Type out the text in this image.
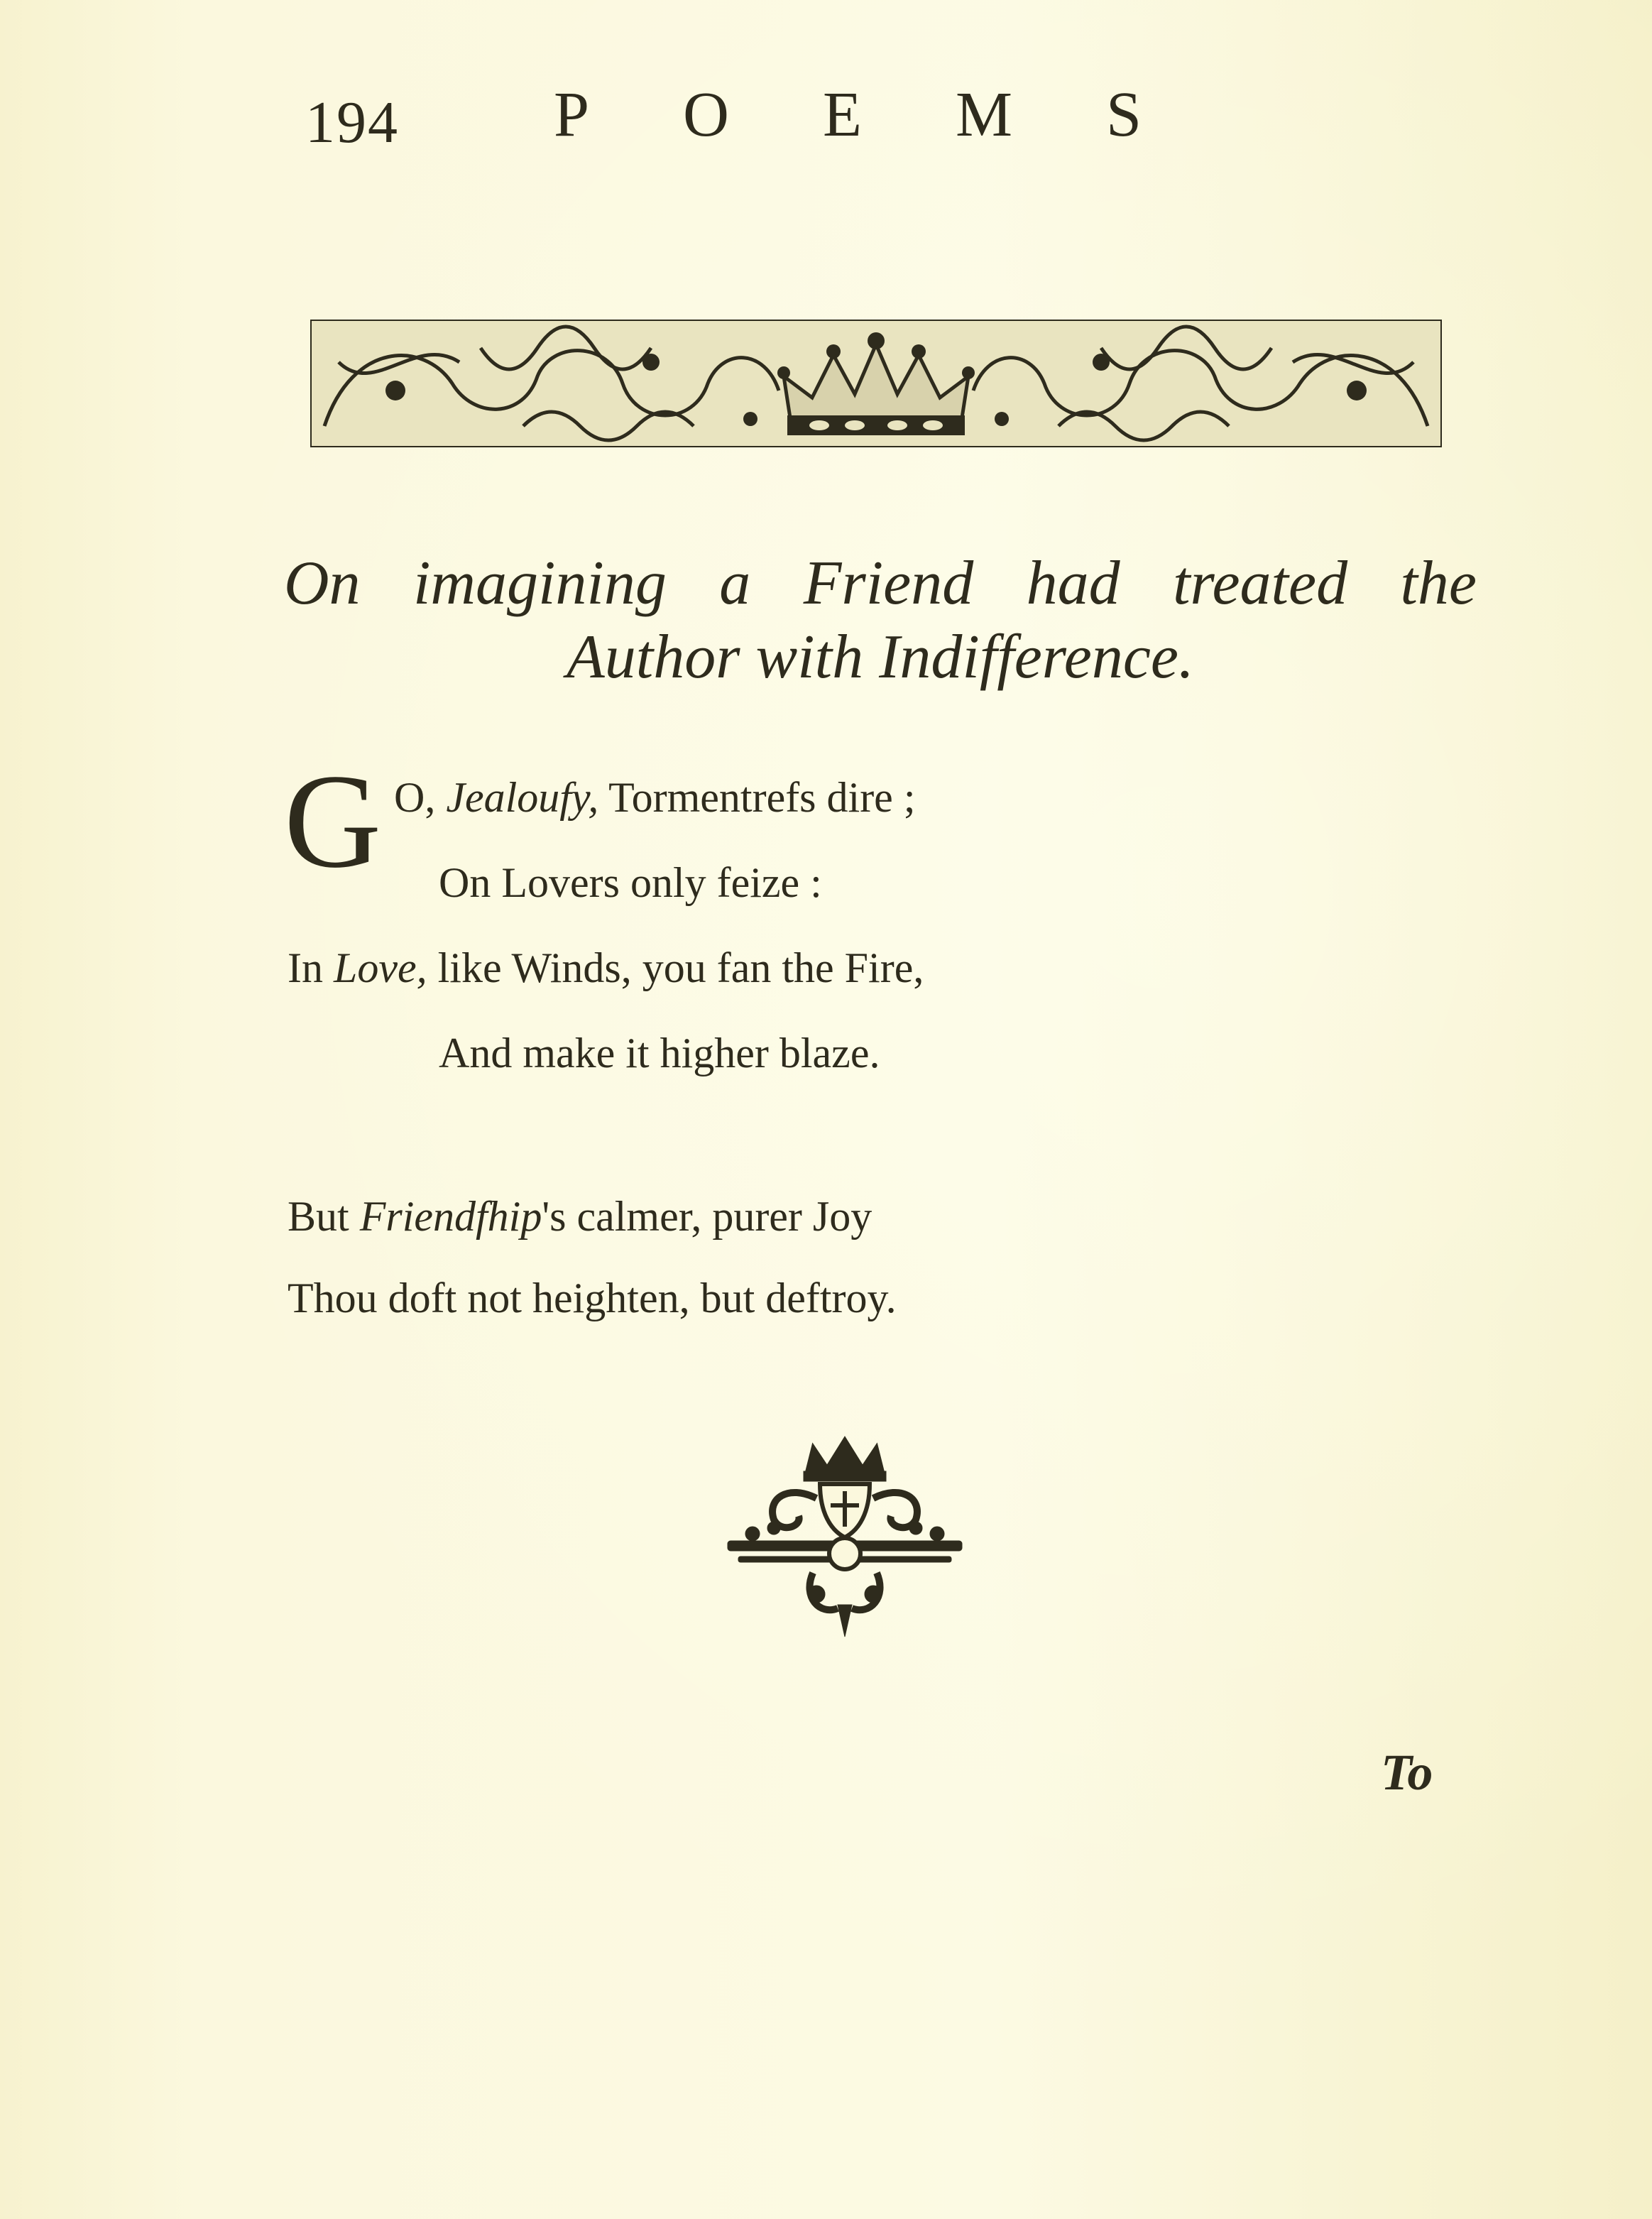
194 POEMS
On imagining a Friend had treated the
Author with Indifference.
G O, Jealoufy, Tormentrefs dire ;
On Lovers only feize :
In Love, like Winds, you fan the Fire,
And make it higher blaze.
But Friendfhip's calmer, purer Joy
Thou doft not heighten, but deftroy.
To
